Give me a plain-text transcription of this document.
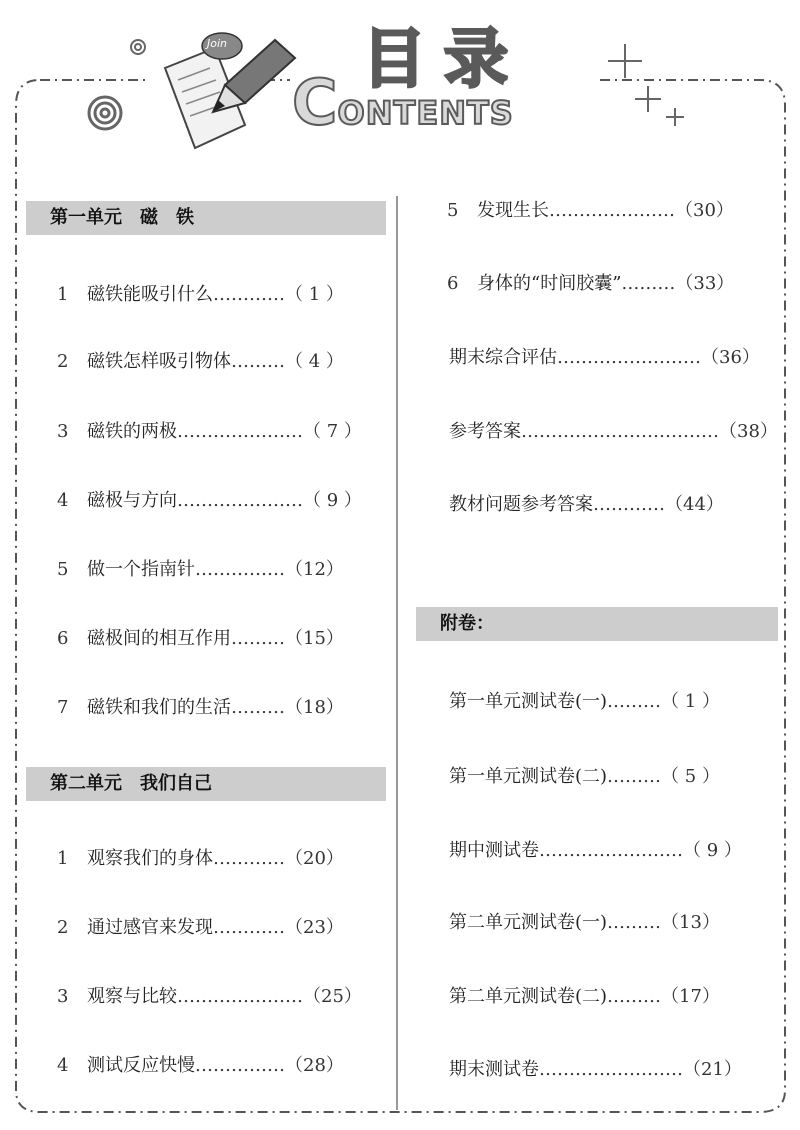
Join 目录
CONTENTS
第一单元　磁　铁
1	磁铁能吸引什么 ………… （ 1 ）
2	磁铁怎样吸引物体 ……… （ 4 ）
3	磁铁的两极 ………………… （ 7 ）
4	磁极与方向 ………………… （ 9 ）
5	做一个指南针 …………… （12）
6	磁极间的相互作用 ……… （15）
7	磁铁和我们的生活 ……… （18）
第二单元　我们自己
1	观察我们的身体 ………… （20）
2	通过感官来发现 ………… （23）
3	观察与比较 ………………… （25）
4	测试反应快慢 …………… （28）
5	发现生长 ………………… （30）
6	身体的“时间胶囊” ……… （33）
期末综合评估 …………………… （36）
参考答案 …………………………… （38）
教材问题参考答案 ………… （44）
附卷：
第一单元测试卷(一) ……… （ 1 ）
第一单元测试卷(二) ……… （ 5 ）
期中测试卷 …………………… （ 9 ）
第二单元测试卷(一) ……… （13）
第二单元测试卷(二) ……… （17）
期末测试卷 …………………… （21）
